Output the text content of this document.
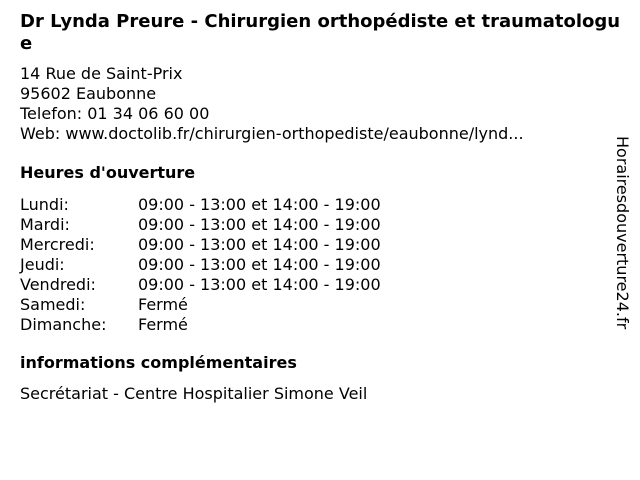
Dr Lynda Preure - Chirurgien orthopédiste et traumatologue
14 Rue de Saint-Prix
95602 Eaubonne
Telefon: 01 34 06 60 00
Web: www.doctolib.fr/chirurgien-orthopediste/eaubonne/lynd...
Heures d'ouverture
Lundi:	09:00 - 13:00 et 14:00 - 19:00
Mardi:	09:00 - 13:00 et 14:00 - 19:00
Mercredi:	09:00 - 13:00 et 14:00 - 19:00
Jeudi:	09:00 - 13:00 et 14:00 - 19:00
Vendredi:	09:00 - 13:00 et 14:00 - 19:00
Samedi:	Fermé
Dimanche:	Fermé
informations complémentaires
Secrétariat - Centre Hospitalier Simone Veil
Horairesdouverture24.fr
